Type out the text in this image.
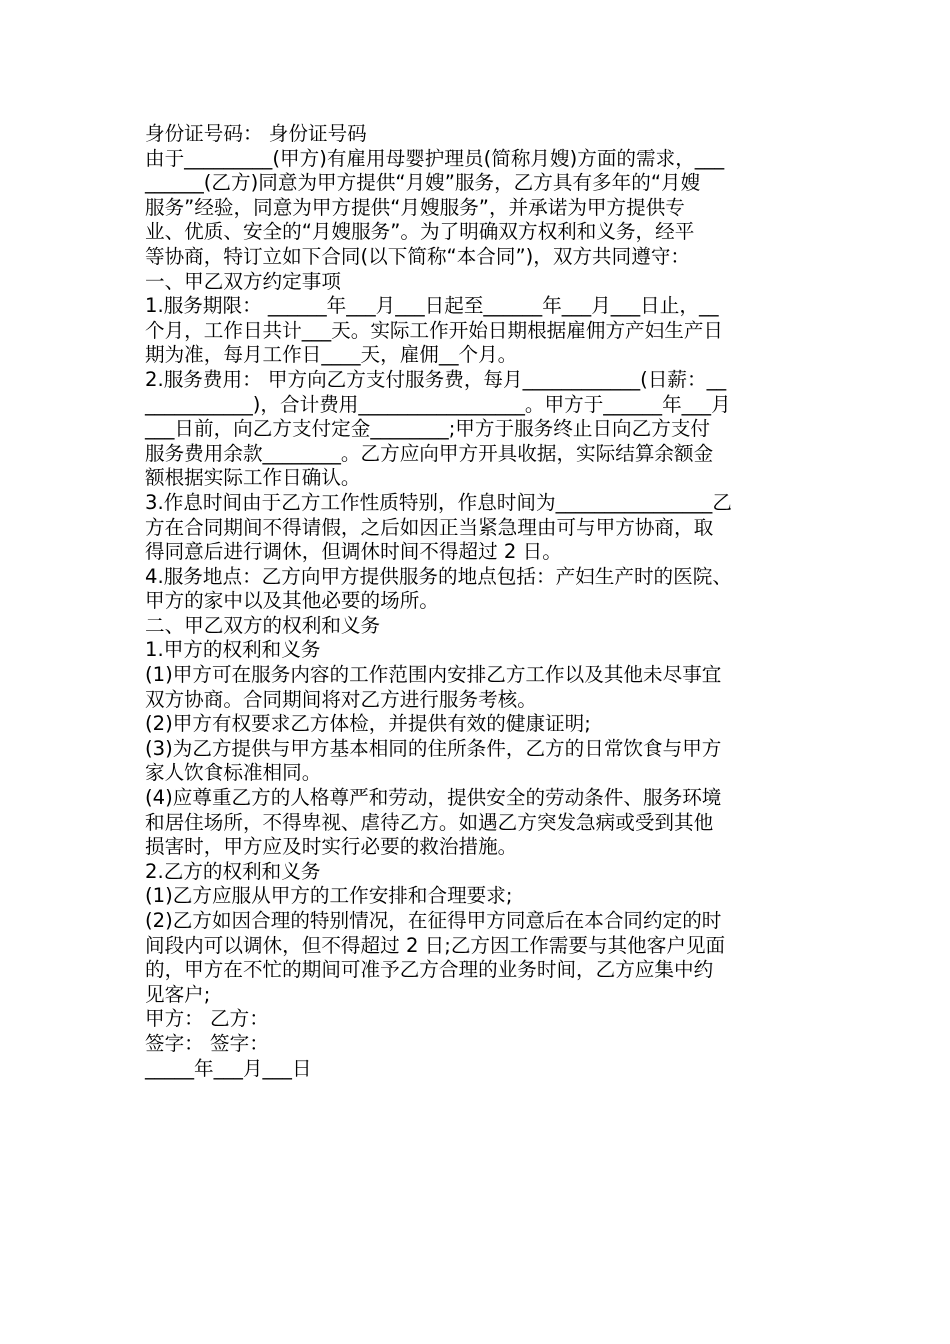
身份证号码： 身份证号码
由于_________(甲方)有雇用母婴护理员(简称月嫂)方面的需求，___
______(乙方)同意为甲方提供“月嫂”服务，乙方具有多年的“月嫂
服务”经验，同意为甲方提供“月嫂服务”，并承诺为甲方提供专
业、优质、安全的“月嫂服务”。为了明确双方权利和义务，经平
等协商，特订立如下合同(以下简称“本合同”)，双方共同遵守：
一、甲乙双方约定事项
1.服务期限： ______年___月___日起至______年___月___日止，__
个月，工作日共计___天。实际工作开始日期根据雇佣方产妇生产日
期为准，每月工作日____天，雇佣__个月。
2.服务费用： 甲方向乙方支付服务费，每月____________(日薪：__
___________)，合计费用_________________。甲方于______年___月
___日前，向乙方支付定金________;甲方于服务终止日向乙方支付
服务费用余款________。乙方应向甲方开具收据，实际结算余额金
额根据实际工作日确认。
3.作息时间由于乙方工作性质特别，作息时间为________________乙
方在合同期间不得请假，之后如因正当紧急理由可与甲方协商，取
得同意后进行调休，但调休时间不得超过 2 日。
4.服务地点：乙方向甲方提供服务的地点包括：产妇生产时的医院、
甲方的家中以及其他必要的场所。
二、甲乙双方的权利和义务
1.甲方的权利和义务
(1)甲方可在服务内容的工作范围内安排乙方工作以及其他未尽事宜
双方协商。合同期间将对乙方进行服务考核。
(2)甲方有权要求乙方体检，并提供有效的健康证明;
(3)为乙方提供与甲方基本相同的住所条件，乙方的日常饮食与甲方
家人饮食标准相同。
(4)应尊重乙方的人格尊严和劳动，提供安全的劳动条件、服务环境
和居住场所，不得卑视、虐待乙方。如遇乙方突发急病或受到其他
损害时，甲方应及时实行必要的救治措施。
2.乙方的权利和义务
(1)乙方应服从甲方的工作安排和合理要求;
(2)乙方如因合理的特别情况，在征得甲方同意后在本合同约定的时
间段内可以调休，但不得超过 2 日;乙方因工作需要与其他客户见面
的，甲方在不忙的期间可准予乙方合理的业务时间，乙方应集中约
见客户;
甲方： 乙方：
签字： 签字：
_____年___月___日
